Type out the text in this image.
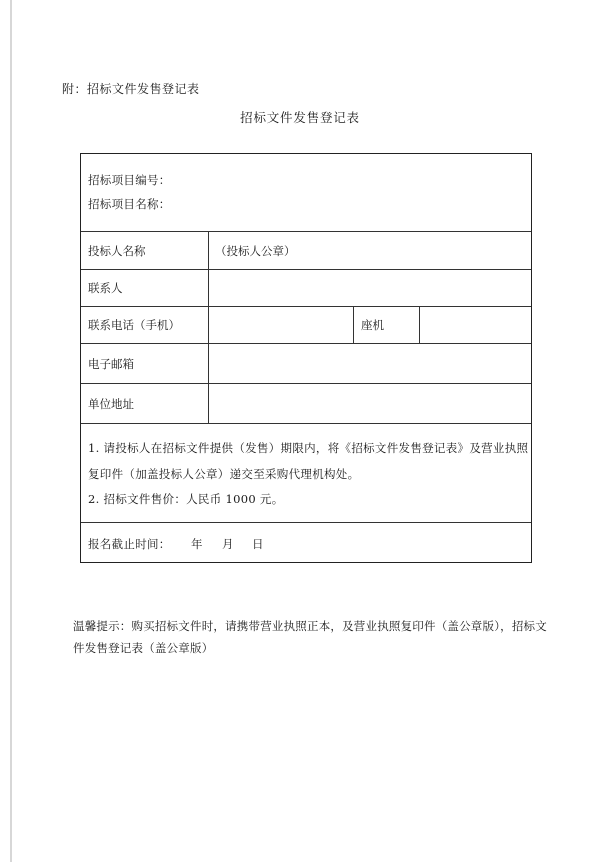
附：招标文件发售登记表
招标文件发售登记表
招标项目编号：
招标项目名称：
投标人名称	（投标人公章）
联系人
联系电话（手机）	座机
电子邮箱
单位地址
1. 请投标人在招标文件提供（发售）期限内，将《招标文件发售登记表》及营业执照
复印件（加盖投标人公章）递交至采购代理机构处。
2. 招标文件售价：人民币 1000 元。
报名截止时间： 年 月 日
温馨提示：购买招标文件时，请携带营业执照正本，及营业执照复印件（盖公章版），招标文件发售登记表（盖公章版）
